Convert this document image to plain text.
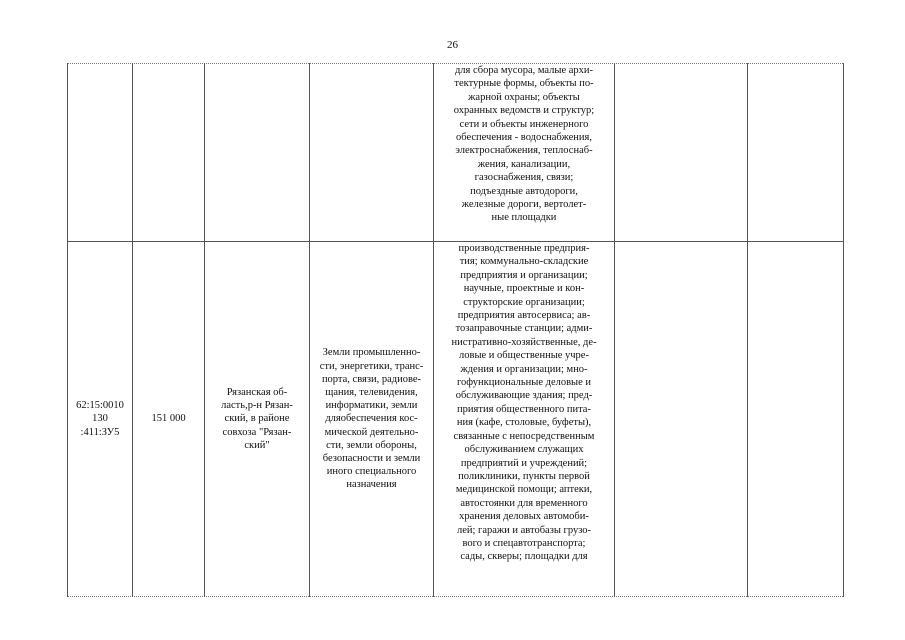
26
для сбора мусора, малые архи-
тектурные формы, объекты по-
жарной охраны; объекты
охранных ведомств и структур;
сети и объекты инженерного
обеспечения - водоснабжения,
электроснабжения, теплоснаб-
жения, канализации,
газоснабжения, связи;
подъездные автодороги,
железные дороги, вертолет-
ные площадки
62:15:0010
130
:411:ЗУ5
151 000
Рязанская об-
ласть,р-н Рязан-
ский, в районе
совхоза "Рязан-
ский"
Земли промышленно-
сти, энергетики, транс-
порта, связи, радиове-
щания, телевидения,
информатики, земли
дляобеспечения кос-
мической деятельно-
сти, земли обороны,
безопасности и земли
иного специального
назначения
производственные предприя-
тия; коммунально-складские
предприятия и организации;
научные, проектные и кон-
структорские организации;
предприятия автосервиса; ав-
тозаправочные станции; адми-
нистративно-хозяйственные, де-
ловые и общественные учре-
ждения и организации; мно-
гофункциональные деловые и
обслуживающие здания; пред-
приятия общественного пита-
ния (кафе, столовые, буфеты),
связанные с непосредственным
обслуживанием служащих
предприятий и учреждений;
поликлиники, пункты первой
медицинской помощи; аптеки,
автостоянки для временного
хранения деловых автомоби-
лей; гаражи и автобазы грузо-
вого и спецавтотранспорта;
сады, скверы; площадки для
